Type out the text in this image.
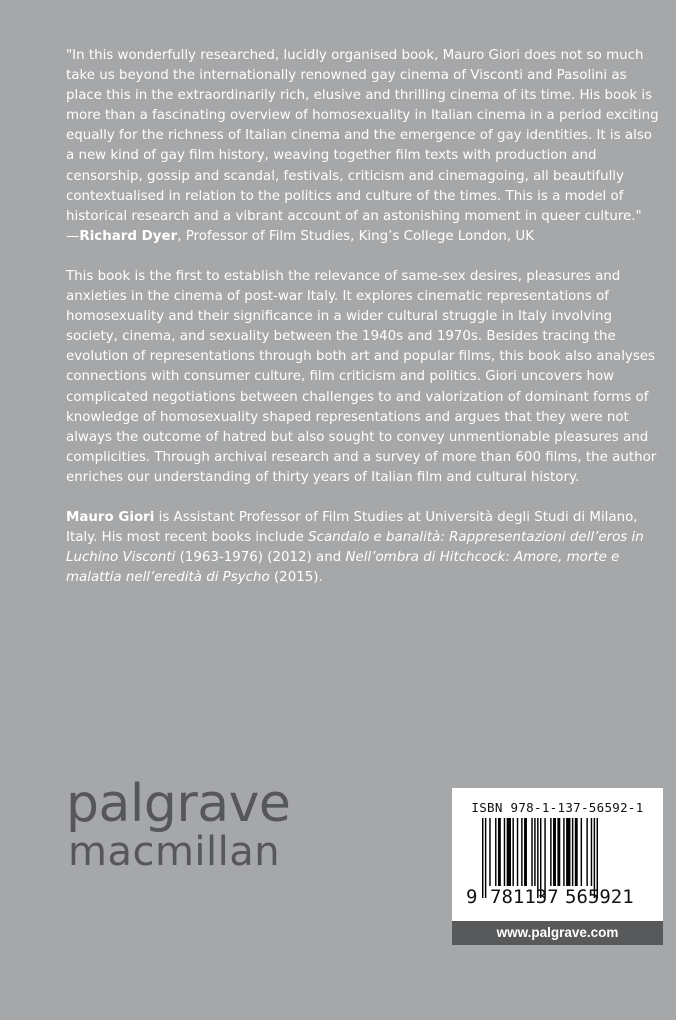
"In this wonderfully researched, lucidly organised book, Mauro Giori does not so much take us beyond the internationally renowned gay cinema of Visconti and Pasolini as place this in the extraordinarily rich, elusive and thrilling cinema of its time. His book is more than a fascinating overview of homosexuality in Italian cinema in a period exciting equally for the richness of Italian cinema and the emergence of gay identities. It is also a new kind of gay film history, weaving together film texts with production and censorship, gossip and scandal, festivals, criticism and cinemagoing, all beautifully contextualised in relation to the politics and culture of the times. This is a model of historical research and a vibrant account of an astonishing moment in queer culture."

—Richard Dyer, Professor of Film Studies, King’s College London, UK

This book is the first to establish the relevance of same-sex desires, pleasures and anxieties in the cinema of post-war Italy. It explores cinematic representations of homosexuality and their significance in a wider cultural struggle in Italy involving society, cinema, and sexuality between the 1940s and 1970s. Besides tracing the evolution of representations through both art and popular films, this book also analyses connections with consumer culture, film criticism and politics. Giori uncovers how complicated negotiations between challenges to and valorization of dominant forms of knowledge of homosexuality shaped representations and argues that they were not always the outcome of hatred but also sought to convey unmentionable pleasures and complicities. Through archival research and a survey of more than 600 films, the author enriches our understanding of thirty years of Italian film and cultural history.

Mauro Giori is Assistant Professor of Film Studies at Università degli Studi di Milano, Italy. His most recent books include Scandalo e banalità: Rappresentazioni dell’eros in Luchino Visconti (1963-1976) (2012) and Nell’ombra di Hitchcock: Amore, morte e malattia nell’eredità di Psycho (2015).

palgrave
macmillan
ISBN 978-1-137-56592-1
9 781137 565921
www.palgrave.com
